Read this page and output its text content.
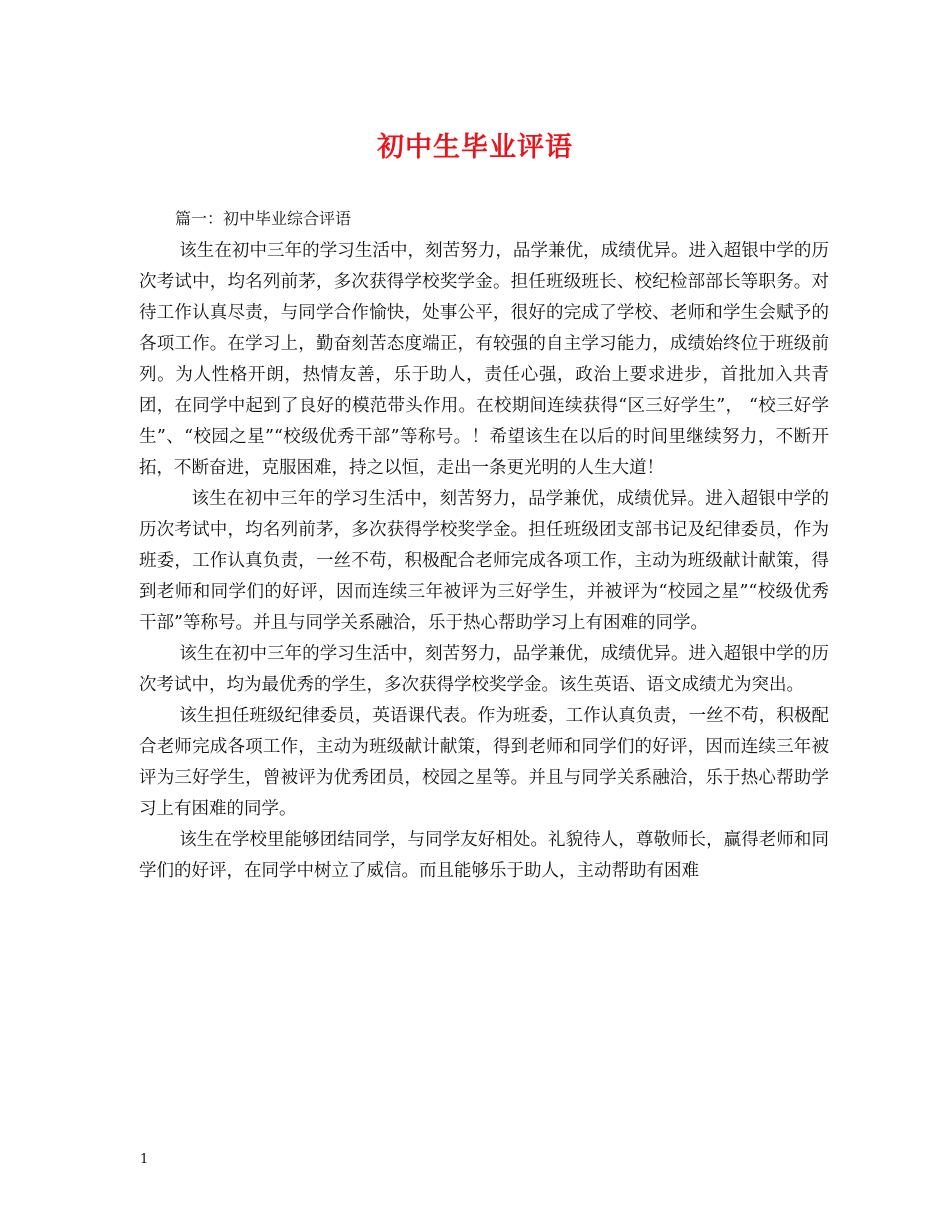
初中生毕业评语
篇一：初中毕业综合评语

该生在初中三年的学习生活中，刻苦努力，品学兼优，成绩优异。进入超银中学的历次考试中，均名列前茅，多次获得学校奖学金。担任班级班长、校纪检部部长等职务。对待工作认真尽责，与同学合作愉快，处事公平，很好的完成了学校、老师和学生会赋予的各项工作。在学习上，勤奋刻苦态度端正，有较强的自主学习能力，成绩始终位于班级前列。为人性格开朗，热情友善，乐于助人，责任心强，政治上要求进步，首批加入共青团，在同学中起到了良好的模范带头作用。在校期间连续获得“区三好学生”， “校三好学生”、“校园之星”“校级优秀干部”等称号。！希望该生在以后的时间里继续努力，不断开拓，不断奋进，克服困难，持之以恒，走出一条更光明的人生大道！

该生在初中三年的学习生活中，刻苦努力，品学兼优，成绩优异。进入超银中学的历次考试中，均名列前茅，多次获得学校奖学金。担任班级团支部书记及纪律委员，作为班委，工作认真负责，一丝不苟，积极配合老师完成各项工作，主动为班级献计献策，得到老师和同学们的好评，因而连续三年被评为三好学生，并被评为“校园之星”“校级优秀干部”等称号。并且与同学关系融洽，乐于热心帮助学习上有困难的同学。

该生在初中三年的学习生活中，刻苦努力，品学兼优，成绩优异。进入超银中学的历次考试中，均为最优秀的学生，多次获得学校奖学金。该生英语、语文成绩尤为突出。

该生担任班级纪律委员，英语课代表。作为班委，工作认真负责，一丝不苟，积极配合老师完成各项工作，主动为班级献计献策，得到老师和同学们的好评，因而连续三年被评为三好学生，曾被评为优秀团员，校园之星等。并且与同学关系融洽，乐于热心帮助学习上有困难的同学。

该生在学校里能够团结同学，与同学友好相处。礼貌待人，尊敬师长，赢得老师和同学们的好评，在同学中树立了威信。而且能够乐于助人，主动帮助有困难

1
